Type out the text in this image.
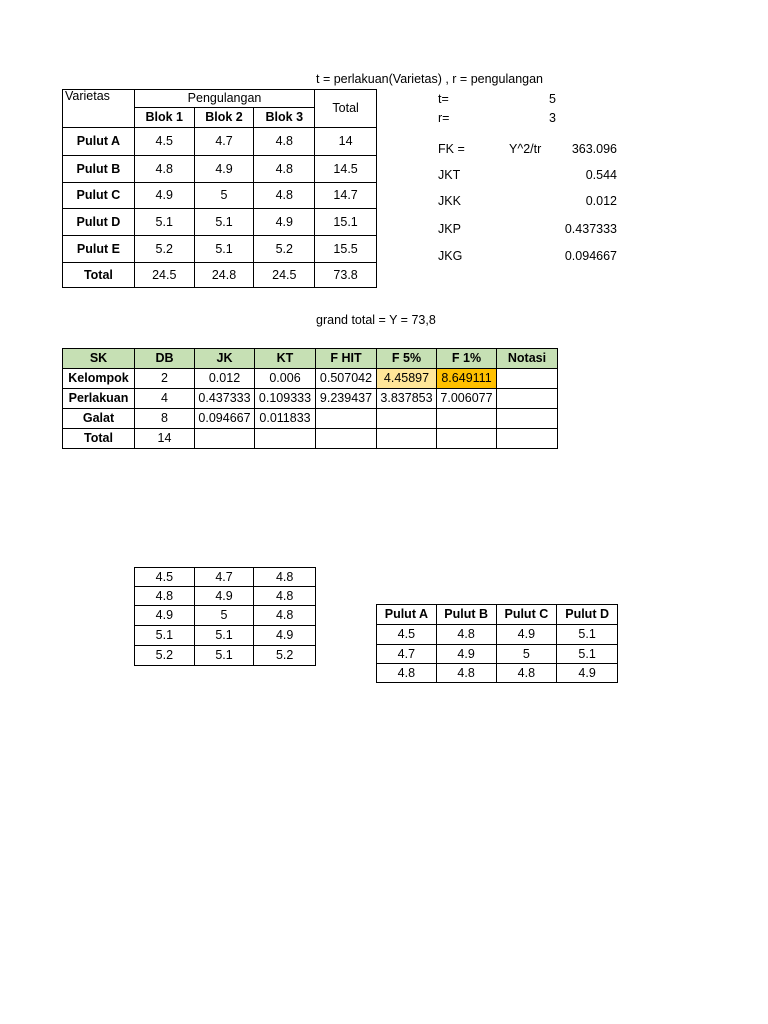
t = perlakuan(Varietas) , r = pengulangan
Varietas	Pengulangan			Total
	Blok 1	Blok 2	Blok 3	
Pulut A	4.5	4.7	4.8	14
Pulut B	4.8	4.9	4.8	14.5
Pulut C	4.9	5	4.8	14.7
Pulut D	5.1	5.1	4.9	15.1
Pulut E	5.2	5.1	5.2	15.5
Total	24.5	24.8	24.5	73.8
t=	5
r=	3
FK =	Y^2/tr	363.096
JKT	0.544
JKK	0.012
JKP	0.437333
JKG	0.094667
grand total = Y = 73,8
SK	DB	JK	KT	F HIT	F 5%	F 1%	Notasi
Kelompok	2	0.012	0.006	0.507042	4.45897	8.649111	
Perlakuan	4	0.437333	0.109333	9.239437	3.837853	7.006077	
Galat	8	0.094667	0.011833				
Total	14						
4.5	4.7	4.8
4.8	4.9	4.8
4.9	5	4.8
5.1	5.1	4.9
5.2	5.1	5.2
Pulut A	Pulut B	Pulut C	Pulut D
4.5	4.8	4.9	5.1
4.7	4.9	5	5.1
4.8	4.8	4.8	4.9
